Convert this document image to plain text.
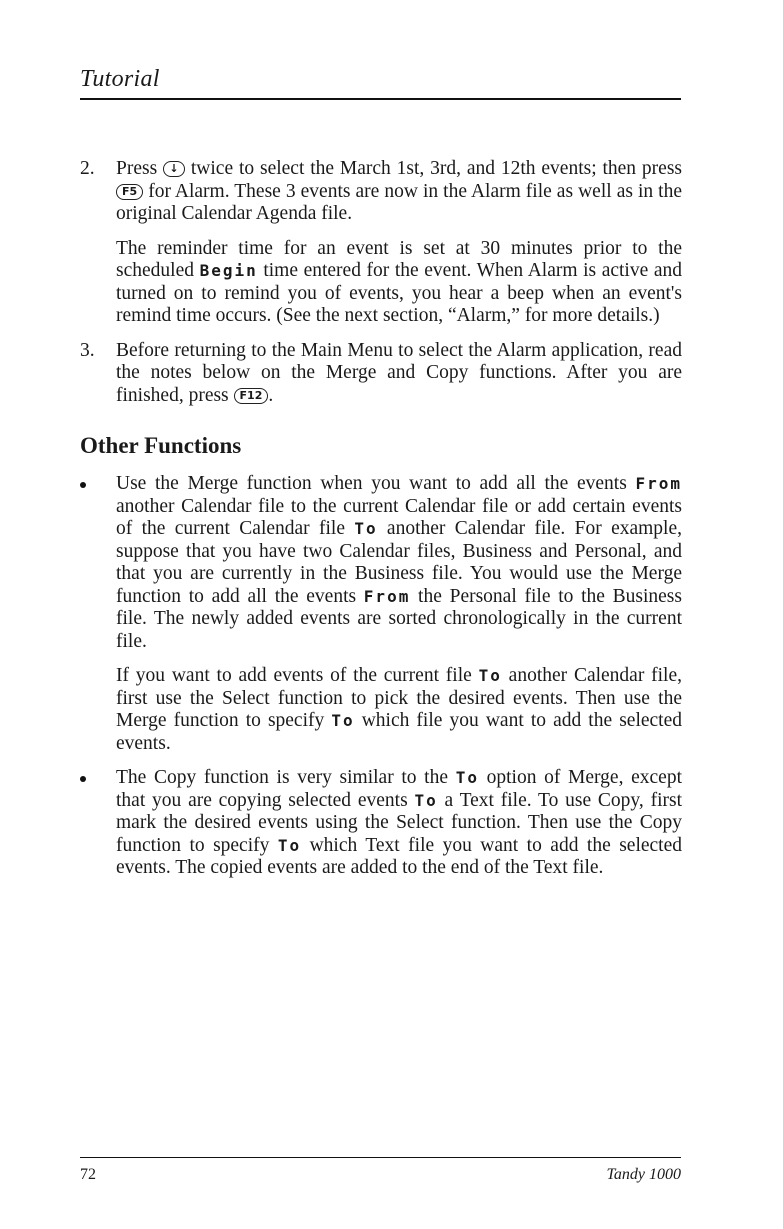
Tutorial
2. Press ↓ twice to select the March 1st, 3rd, and 12th events; then press F5 for Alarm. These 3 events are now in the Alarm file as well as in the original Calendar Agenda file.

The reminder time for an event is set at 30 minutes prior to the scheduled Begin time entered for the event. When Alarm is active and turned on to remind you of events, you hear a beep when an event's remind time occurs. (See the next section, “Alarm,” for more details.)

3. Before returning to the Main Menu to select the Alarm application, read the notes below on the Merge and Copy functions. After you are finished, press F12 .

Other Functions

Use the Merge function when you want to add all the events From another Calendar file to the current Calendar file or add certain events of the current Calendar file To another Calendar file. For example, suppose that you have two Calendar files, Business and Personal, and that you are currently in the Business file. You would use the Merge function to add all the events From the Personal file to the Business file. The newly added events are sorted chronologically in the current file.

If you want to add events of the current file To another Calendar file, first use the Select function to pick the desired events. Then use the Merge function to specify To which file you want to add the selected events.

The Copy function is very similar to the To option of Merge, except that you are copying selected events To a Text file. To use Copy, first mark the desired events using the Select function. Then use the Copy function to specify To which Text file you want to add the selected events. The copied events are added to the end of the Text file.

72	Tandy 1000
